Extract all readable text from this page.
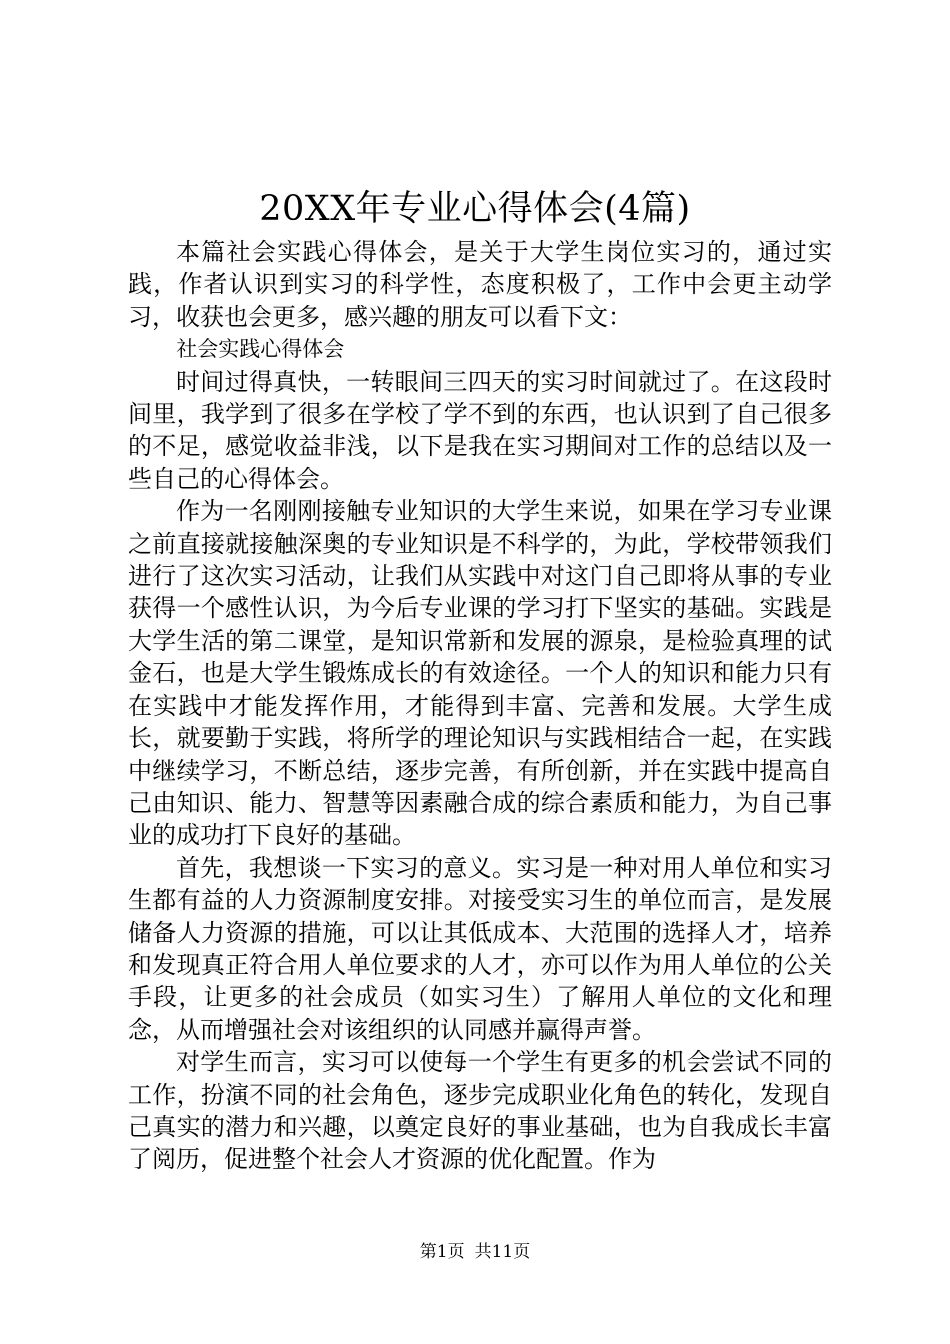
20XX年专业心得体会(4篇)

本篇社会实践心得体会，是关于大学生岗位实习的，通过实践，作者认识到实习的科学性，态度积极了，工作中会更主动学习，收获也会更多，感兴趣的朋友可以看下文：

社会实践心得体会

时间过得真快，一转眼间三四天的实习时间就过了。在这段时间里，我学到了很多在学校了学不到的东西，也认识到了自己很多的不足，感觉收益非浅，以下是我在实习期间对工作的总结以及一些自己的心得体会。

作为一名刚刚接触专业知识的大学生来说，如果在学习专业课之前直接就接触深奥的专业知识是不科学的，为此，学校带领我们进行了这次实习活动，让我们从实践中对这门自己即将从事的专业获得一个感性认识，为今后专业课的学习打下坚实的基础。实践是大学生活的第二课堂，是知识常新和发展的源泉，是检验真理的试金石，也是大学生锻炼成长的有效途径。一个人的知识和能力只有在实践中才能发挥作用，才能得到丰富、完善和发展。大学生成长，就要勤于实践，将所学的理论知识与实践相结合一起，在实践中继续学习，不断总结，逐步完善，有所创新，并在实践中提高自己由知识、能力、智慧等因素融合成的综合素质和能力，为自己事业的成功打下良好的基础。

首先，我想谈一下实习的意义。实习是一种对用人单位和实习生都有益的人力资源制度安排。对接受实习生的单位而言，是发展储备人力资源的措施，可以让其低成本、大范围的选择人才，培养和发现真正符合用人单位要求的人才，亦可以作为用人单位的公关手段，让更多的社会成员（如实习生）了解用人单位的文化和理念，从而增强社会对该组织的认同感并赢得声誉。

对学生而言，实习可以使每一个学生有更多的机会尝试不同的工作，扮演不同的社会角色，逐步完成职业化角色的转化，发现自己真实的潜力和兴趣，以奠定良好的事业基础，也为自我成长丰富了阅历，促进整个社会人才资源的优化配置。作为

第1页 共11页
